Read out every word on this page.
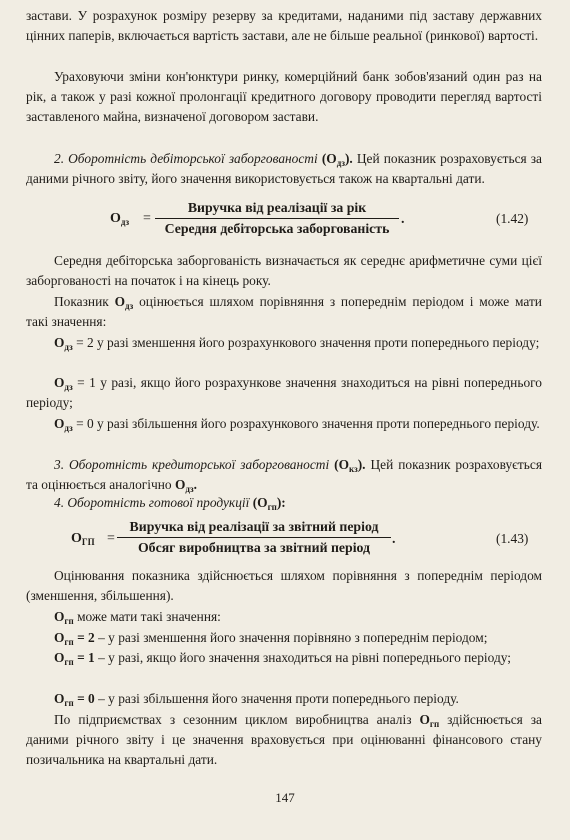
застави. У розрахунок розміру резерву за кредитами, наданими під заставу державних цінних паперів, включається вартість застави, але не більше реальної (ринкової) вартості.

Ураховуючи зміни кон'юнктури ринку, комерційний банк зобов'язаний один раз на рік, а також у разі кожної пролонгації кредитного договору проводити перегляд вартості заставленого майна, визначеної договором застави.

2. Оборотність дебіторської заборгованості $(О_{дз})$. Цей показник розраховується за даними річного звіту, його значення використовується також на квартальні дати.

$О_{дз}$ =
Виручка від реалізації за рік
Середня дебіторська заборгованість
.	(1.42)

Середня дебіторська заборгованість визначається як середнє арифметичне суми цієї заборгованості на початок і на кінець року.

Показник $О_{дз}$ оцінюється шляхом порівняння з попереднім періодом і може мати такі значення:

$О_{дз} = 2$ у разі зменшення його розрахункового значення проти попереднього періоду;

$О_{дз} = 1$ у разі, якщо його розрахункове значення знаходиться на рівні попереднього періоду;

$О_{дз} = 0$ у разі збільшення його розрахункового значення проти попереднього періоду.

3. Оборотність кредиторської заборгованості $(О_{кз})$. Цей показник розраховується та оцінюється аналогічно $О_{дз}$.

4. Оборотність готової продукції $(О_{гп})$:

$О_{ГП}$ =
Виручка від реалізації за звітний період
Обсяг виробництва за звітний період
.	(1.43)

Оцінювання показника здійснюється шляхом порівняння з попереднім періодом (зменшення, збільшення).

$О_{гп}$ може мати такі значення:

$О_{гп} = 2 - у$ разі зменшення його значення порівняно з попереднім періодом;

$О_{гп} = 1 - у$ разі, якщо його значення знаходиться на рівні попереднього періоду;

$О_{гп} = 0 - у$ разі збільшення його значення проти попереднього періоду.

По підприємствах з сезонним циклом виробництва аналіз $О_{гп}$ здійснюється за даними річного звіту і це значення враховується при оцінюванні фінансового стану позичальника на квартальні дати.

147
